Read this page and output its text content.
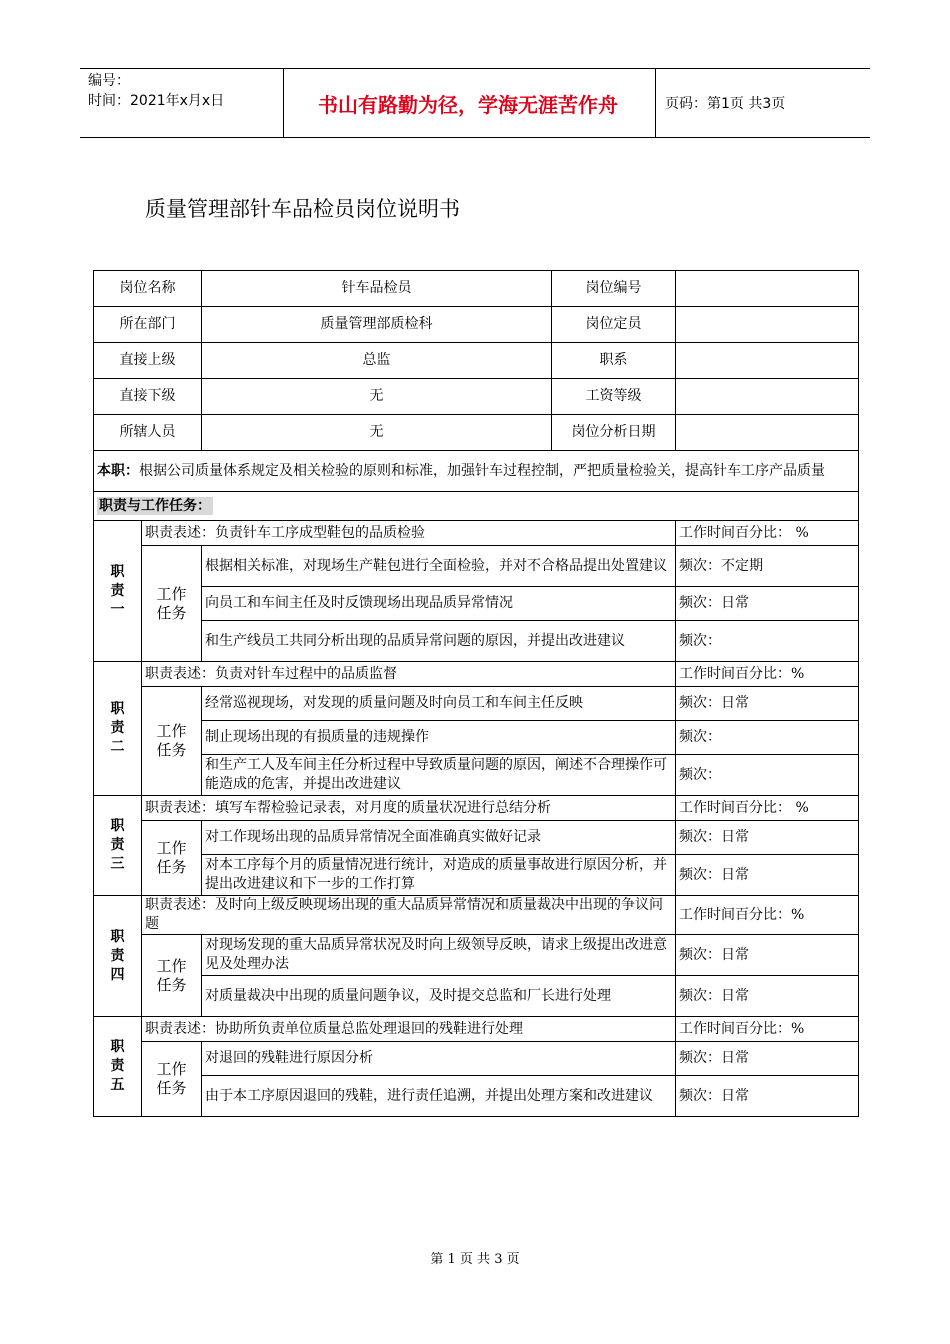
编号：
时间：2021年x月x日	书山有路勤为径，学海无涯苦作舟	页码：第1页 共3页
质量管理部针车品检员岗位说明书
岗位名称		针车品检员	岗位编号	
所在部门		质量管理部质检科	岗位定员	
直接上级		总监	职系	
直接下级		无	工资等级	
所辖人员		无	岗位分析日期	
本职：根据公司质量体系规定及相关检验的原则和标准，加强针车过程控制，严把质量检验关，提高针车工序产品质量				
职责与工作任务：				
职
责
一	职责表述：负责针车工序成型鞋包的品质检验			工作时间百分比： %
	工作
任务	根据相关标准，对现场生产鞋包进行全面检验，并对不合格品提出处置建议		频次：不定期
		向员工和车间主任及时反馈现场出现品质异常情况		频次：日常
		和生产线员工共同分析出现的品质异常问题的原因，并提出改进建议		频次：
职
责
二	职责表述：负责对针车过程中的品质监督			工作时间百分比：%
	工作
任务	经常巡视现场，对发现的质量问题及时向员工和车间主任反映		频次：日常
		制止现场出现的有损质量的违规操作		频次：
		和生产工人及车间主任分析过程中导致质量问题的原因，阐述不合理操作可能造成的危害，并提出改进建议		频次：
职
责
三	职责表述：填写车帮检验记录表，对月度的质量状况进行总结分析			工作时间百分比： %
	工作
任务	对工作现场出现的品质异常情况全面准确真实做好记录		频次：日常
		对本工序每个月的质量情况进行统计，对造成的质量事故进行原因分析，并提出改进建议和下一步的工作打算		频次：日常
职
责
四	职责表述：及时向上级反映现场出现的重大品质异常情况和质量裁决中出现的争议问题			工作时间百分比：%
	工作
任务	对现场发现的重大品质异常状况及时向上级领导反映，请求上级提出改进意见及处理办法		频次：日常
		对质量裁决中出现的质量问题争议，及时提交总监和厂长进行处理		频次：日常
职
责
五	职责表述：协助所负责单位质量总监处理退回的残鞋进行处理			工作时间百分比：%
	工作
任务	对退回的残鞋进行原因分析		频次：日常
		由于本工序原因退回的残鞋，进行责任追溯，并提出处理方案和改进建议		频次：日常
第 1 页 共 3 页
